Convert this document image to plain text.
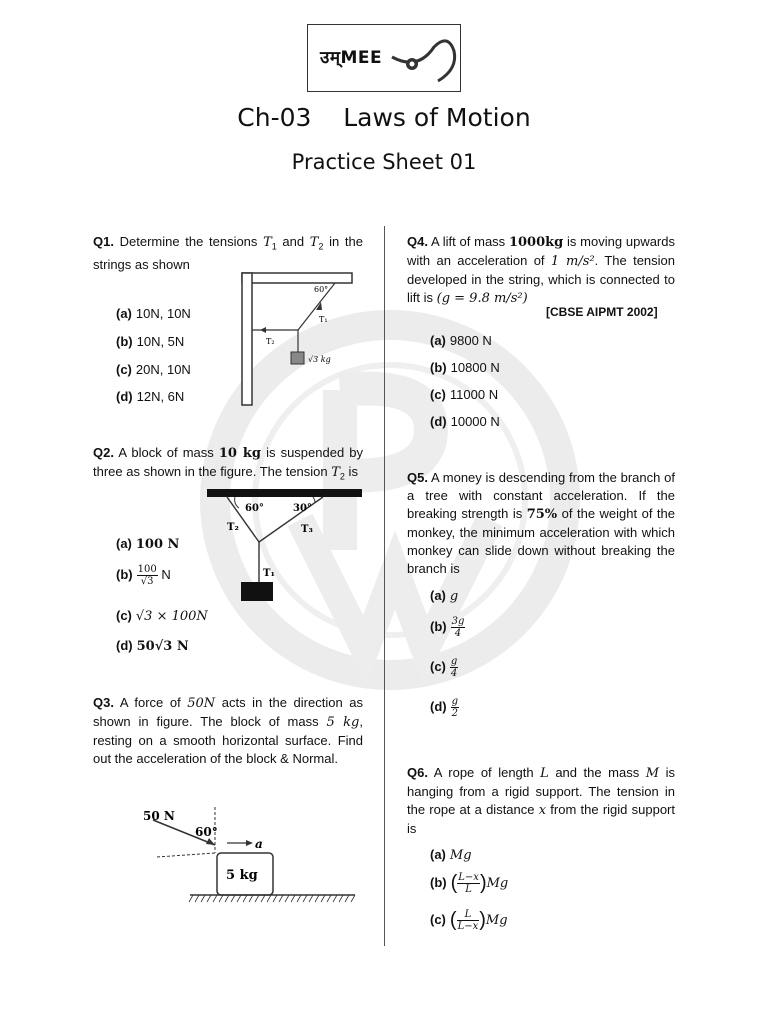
उम्MEE
Ch-03    Laws of Motion
Practice Sheet 01
Q1. Determine the tensions $T_1$ and $T_2$ in the strings as shown
(a) 10N, 10N
(b) 10N, 5N
(c) 20N, 10N
(d) 12N, 6N
60°
T₁
T₂
√3 kg
Q2. A block of mass 10 kg is suspended by three as shown in the figure. The tension $T_2$ is
(a) 100 N
$(b) \frac{100}{√3}$ N
(c) √3 × 100N
(d) 50√3 N
60°	30°
T₂	T₃
T₁
Q3. A force of 50N acts in the direction as shown in figure. The block of mass 5 kg, resting on a smooth horizontal surface. Find out the acceleration of the block & Normal.
50 N
60°
a
5 kg
Q4. A lift of mass 1000kg is moving upwards with an acceleration of 1 m/s². The tension developed in the string, which is connected to lift is (g = 9.8 m/s²)
[CBSE AIPMT 2002]
(a) 9800 N
(b) 10800 N
(c) 11000 N
(d) 10000 N
Q5. A money is descending from the branch of a tree with constant acceleration. If the breaking strength is 75% of the weight of the monkey, the minimum acceleration with which monkey can slide down without breaking the branch is
(a) g
$(b) \frac{3g}{4}$
$(c) \frac{g}{4}$
$(d) \frac{g}{2}$
Q6. A rope of length L and the mass M is hanging from a rigid support. The tension in the rope at a distance x from the rigid support is
(a) Mg
(b) ( $\frac{L-x}{L} )Mg$
(c) ( $\frac{L}{L-x} )Mg$
